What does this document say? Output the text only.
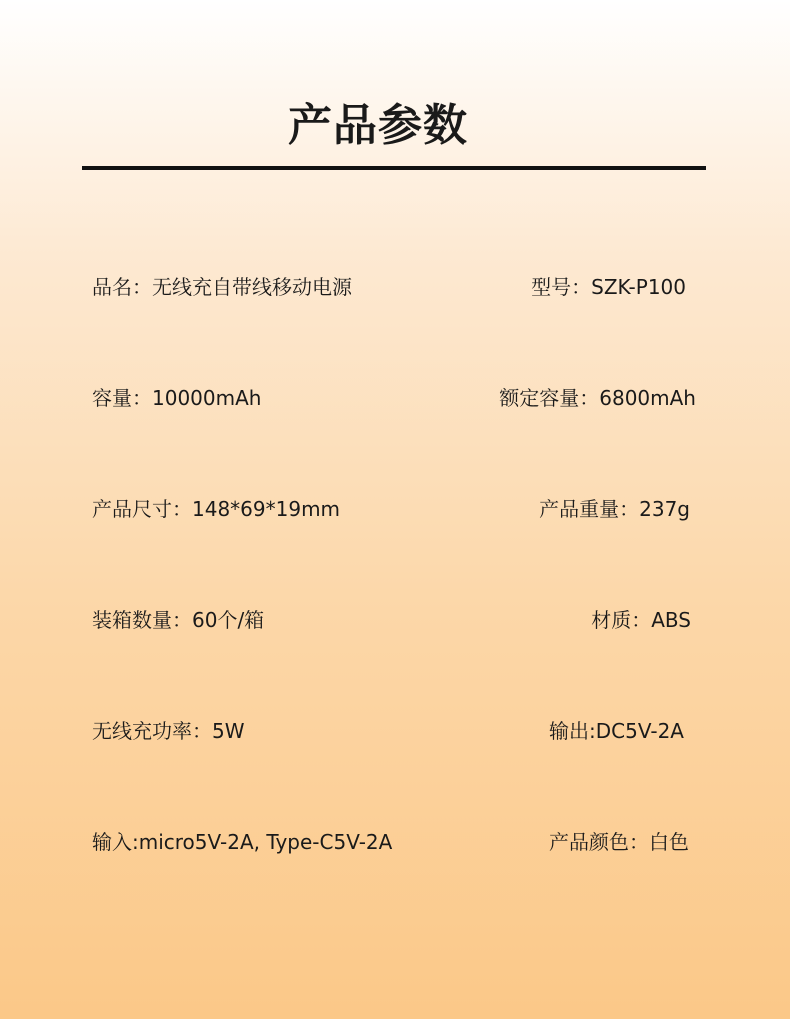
产品参数
品名：无线充自带线移动电源	型号：SZK-P100
容量：10000mAh	额定容量：6800mAh
产品尺寸：148*69*19mm	产品重量：237g
装箱数量：60个/箱	材质：ABS
无线充功率：5W	输出:DC5V-2A
输入:micro5V-2A, Type-C5V-2A	产品颜色：白色
